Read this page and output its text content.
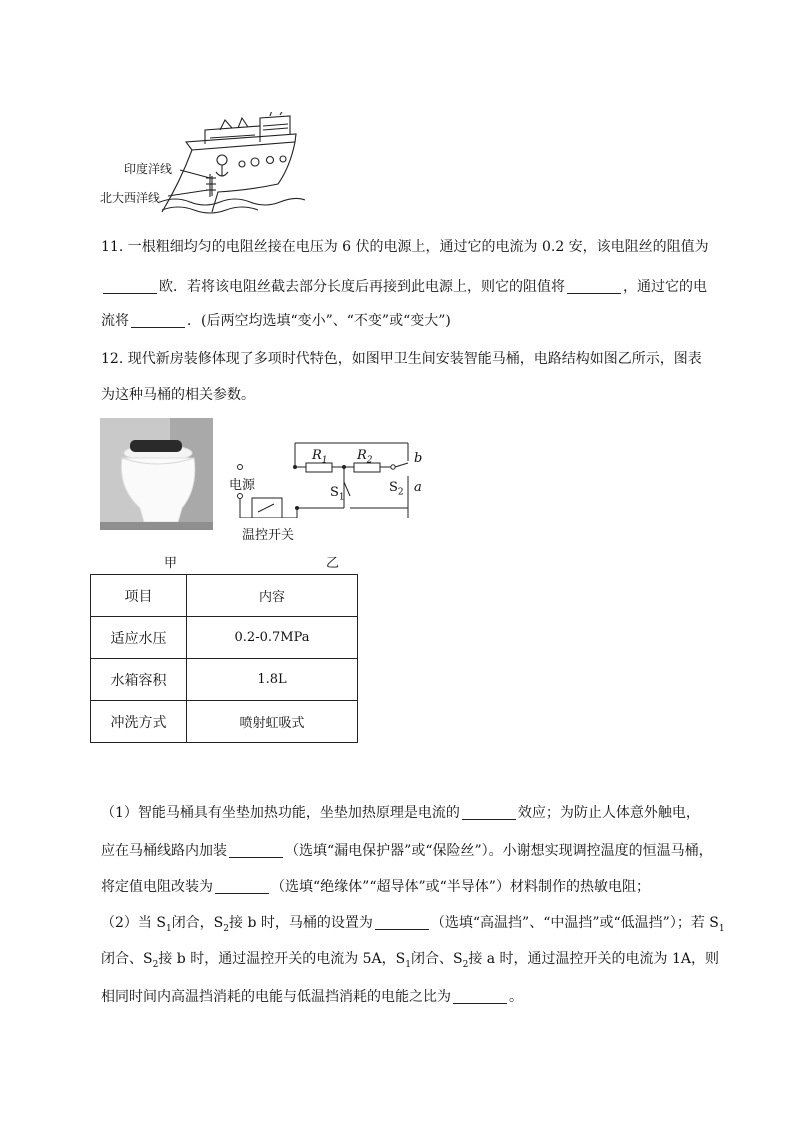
印度洋线
北大西洋线
11. 一根粗细均匀的电阻丝接在电压为 6 伏的电源上，通过它的电流为 0.2 安，该电阻丝的阻值为
欧．若将该电阻丝截去部分长度后再接到此电源上，则它的阻值将	，通过它的电
流将	．(后两空均选填“变小”、“不变”或“变大”)
12. 现代新房装修体现了多项时代特色，如图甲卫生间安装智能马桶，电路结构如图乙所示，图表
为这种马桶的相关参数。
电源
温控开关
$R_1$ $R_2$
$S_1$
$S_2$
b
a
甲	乙
项目	内容
适应水压	0.2-0.7MPa
水箱容积	1.8L
冲洗方式	喷射虹吸式
（1）智能马桶具有坐垫加热功能，坐垫加热原理是电流的	效应；为防止人体意外触电，
应在马桶线路内加装	（选填“漏电保护器”或“保险丝”）。小谢想实现调控温度的恒温马桶，
将定值电阻改装为	（选填“绝缘体”“超导体”或“半导体”）材料制作的热敏电阻；
（2）当 $S_1$闭合，$S_2$接 b 时，马桶的设置为	（选填“高温挡”、“中温挡”或“低温挡”）；若 $S_1$
闭合、$S_2$接 b 时，通过温控开关的电流为 5A，$S_1$闭合、$S_2$接 a 时，通过温控开关的电流为 1A，则
相同时间内高温挡消耗的电能与低温挡消耗的电能之比为	。
